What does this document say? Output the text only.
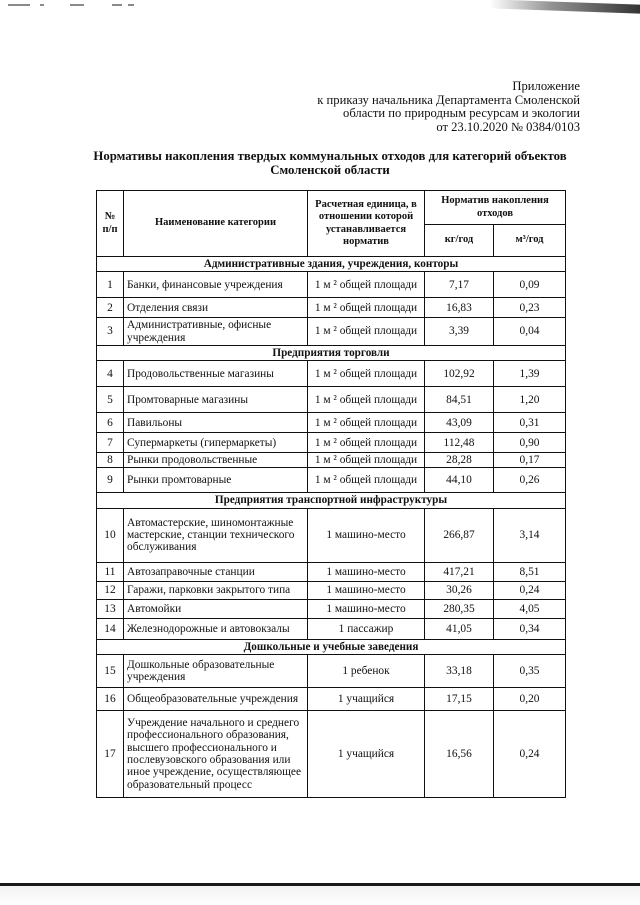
Приложение
к приказу начальника Департамента Смоленской
области по природным ресурсам и экологии
от 23.10.2020 № 0384/0103
Нормативы накопления твердых коммунальных отходов для категорий объектов
Смоленской области
№ п/п	Наименование категории	Расчетная единица, в отношении которой устанавливается норматив	Норматив накопления отходов	
			кг/год	м³/год
Административные здания, учреждения, конторы				
1	Банки, финансовые учреждения	1 м ² общей площади	7,17	0,09
2	Отделения связи	1 м ² общей площади	16,83	0,23
3	Административные, офисные учреждения	1 м ² общей площади	3,39	0,04
Предприятия торговли				
4	Продовольственные магазины	1 м ² общей площади	102,92	1,39
5	Промтоварные магазины	1 м ² общей площади	84,51	1,20
6	Павильоны	1 м ² общей площади	43,09	0,31
7	Супермаркеты (гипермаркеты)	1 м ² общей площади	112,48	0,90
8	Рынки продовольственные	1 м ² общей площади	28,28	0,17
9	Рынки промтоварные	1 м ² общей площади	44,10	0,26
Предприятия транспортной инфраструктуры				
10	Автомастерские, шиномонтажные мастерские, станции технического обслуживания	1 машино-место	266,87	3,14
11	Автозаправочные станции	1 машино-место	417,21	8,51
12	Гаражи, парковки закрытого типа	1 машино-место	30,26	0,24
13	Автомойки	1 машино-место	280,35	4,05
14	Железнодорожные и автовокзалы	1 пассажир	41,05	0,34
Дошкольные и учебные заведения				
15	Дошкольные образовательные учреждения	1 ребенок	33,18	0,35
16	Общеобразовательные учреждения	1 учащийся	17,15	0,20
17	Учреждение начального и среднего профессионального образования, высшего профессионального и послевузовского образования или иное учреждение, осуществляющее образовательный процесс	1 учащийся	16,56	0,24
